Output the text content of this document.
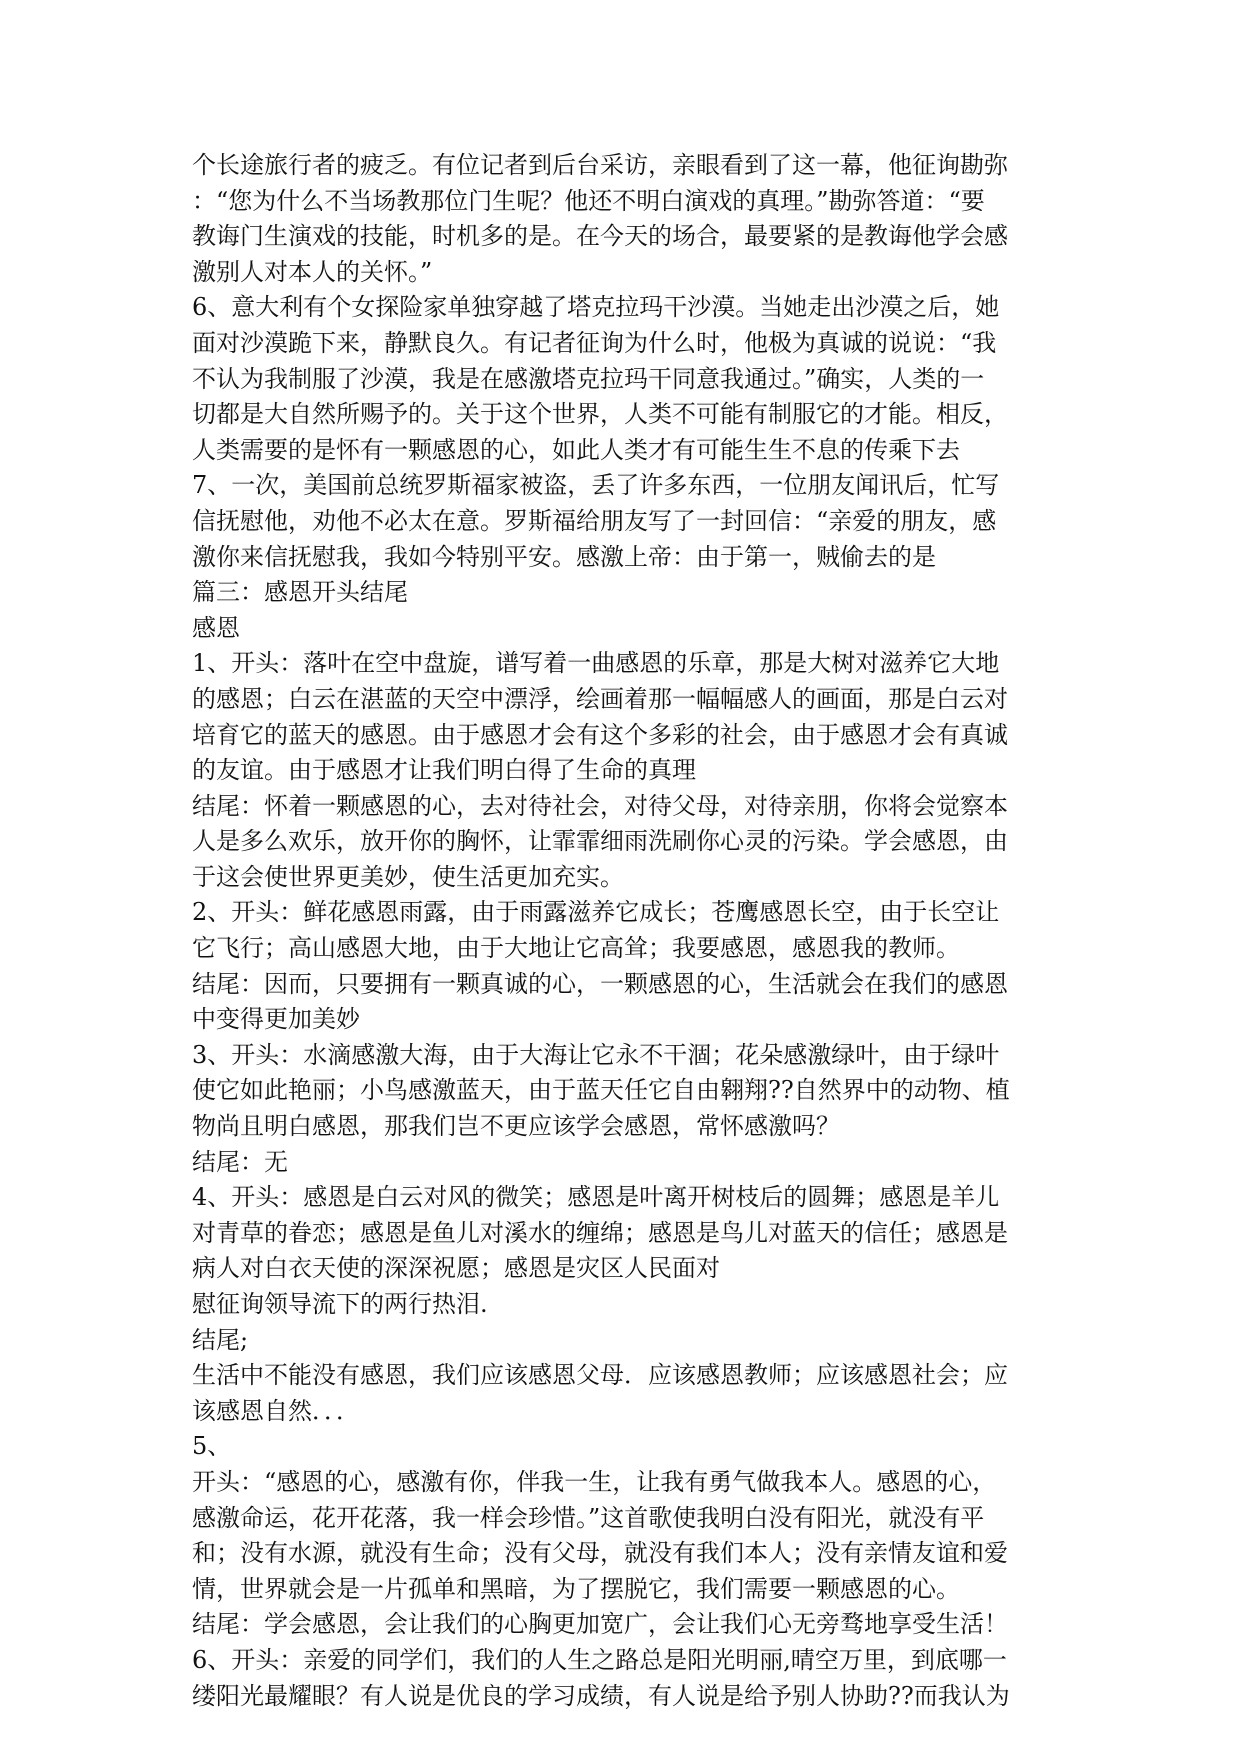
个长途旅行者的疲乏。有位记者到后台采访，亲眼看到了这一幕，他征询勘弥
：“您为什么不当场教那位门生呢？他还不明白演戏的真理。”勘弥答道：“要
教诲门生演戏的技能，时机多的是。在今天的场合，最要紧的是教诲他学会感
激别人对本人的关怀。”
6、意大利有个女探险家单独穿越了塔克拉玛干沙漠。当她走出沙漠之后，她
面对沙漠跪下来，静默良久。有记者征询为什么时，他极为真诚的说说：“我
不认为我制服了沙漠，我是在感激塔克拉玛干同意我通过。”确实，人类的一
切都是大自然所赐予的。关于这个世界，人类不可能有制服它的才能。相反，
人类需要的是怀有一颗感恩的心，如此人类才有可能生生不息的传乘下去
7、一次，美国前总统罗斯福家被盗，丢了许多东西，一位朋友闻讯后，忙写
信抚慰他，劝他不必太在意。罗斯福给朋友写了一封回信：“亲爱的朋友，感
激你来信抚慰我，我如今特别平安。感激上帝：由于第一，贼偷去的是
篇三：感恩开头结尾
感恩
1、开头：落叶在空中盘旋，谱写着一曲感恩的乐章，那是大树对滋养它大地
的感恩；白云在湛蓝的天空中漂浮，绘画着那一幅幅感人的画面，那是白云对
培育它的蓝天的感恩。由于感恩才会有这个多彩的社会，由于感恩才会有真诚
的友谊。由于感恩才让我们明白得了生命的真理
结尾：怀着一颗感恩的心，去对待社会，对待父母，对待亲朋，你将会觉察本
人是多么欢乐，放开你的胸怀，让霏霏细雨洗刷你心灵的污染。学会感恩，由
于这会使世界更美妙，使生活更加充实。
2、开头：鲜花感恩雨露，由于雨露滋养它成长；苍鹰感恩长空，由于长空让
它飞行；高山感恩大地，由于大地让它高耸；我要感恩，感恩我的教师。
结尾：因而，只要拥有一颗真诚的心，一颗感恩的心，生活就会在我们的感恩
中变得更加美妙
3、开头：水滴感激大海，由于大海让它永不干涸；花朵感激绿叶，由于绿叶
使它如此艳丽；小鸟感激蓝天，由于蓝天任它自由翱翔??自然界中的动物、植
物尚且明白感恩，那我们岂不更应该学会感恩，常怀感激吗？
结尾：无
4、开头：感恩是白云对风的微笑；感恩是叶离开树枝后的圆舞；感恩是羊儿
对青草的眷恋；感恩是鱼儿对溪水的缠绵；感恩是鸟儿对蓝天的信任；感恩是
病人对白衣天使的深深祝愿；感恩是灾区人民面对
慰征询领导流下的两行热泪.
结尾;
生活中不能没有感恩，我们应该感恩父母．应该感恩教师；应该感恩社会；应
该感恩自然．．．
5、
开头：“感恩的心，感激有你，伴我一生，让我有勇气做我本人。感恩的心，
感激命运，花开花落，我一样会珍惜。”这首歌使我明白没有阳光，就没有平
和；没有水源，就没有生命；没有父母，就没有我们本人；没有亲情友谊和爱
情，世界就会是一片孤单和黑暗，为了摆脱它，我们需要一颗感恩的心。
结尾：学会感恩，会让我们的心胸更加宽广，会让我们心无旁骛地享受生活！
6、开头：亲爱的同学们，我们的人生之路总是阳光明丽,晴空万里，到底哪一
缕阳光最耀眼？有人说是优良的学习成绩，有人说是给予别人协助??而我认为
